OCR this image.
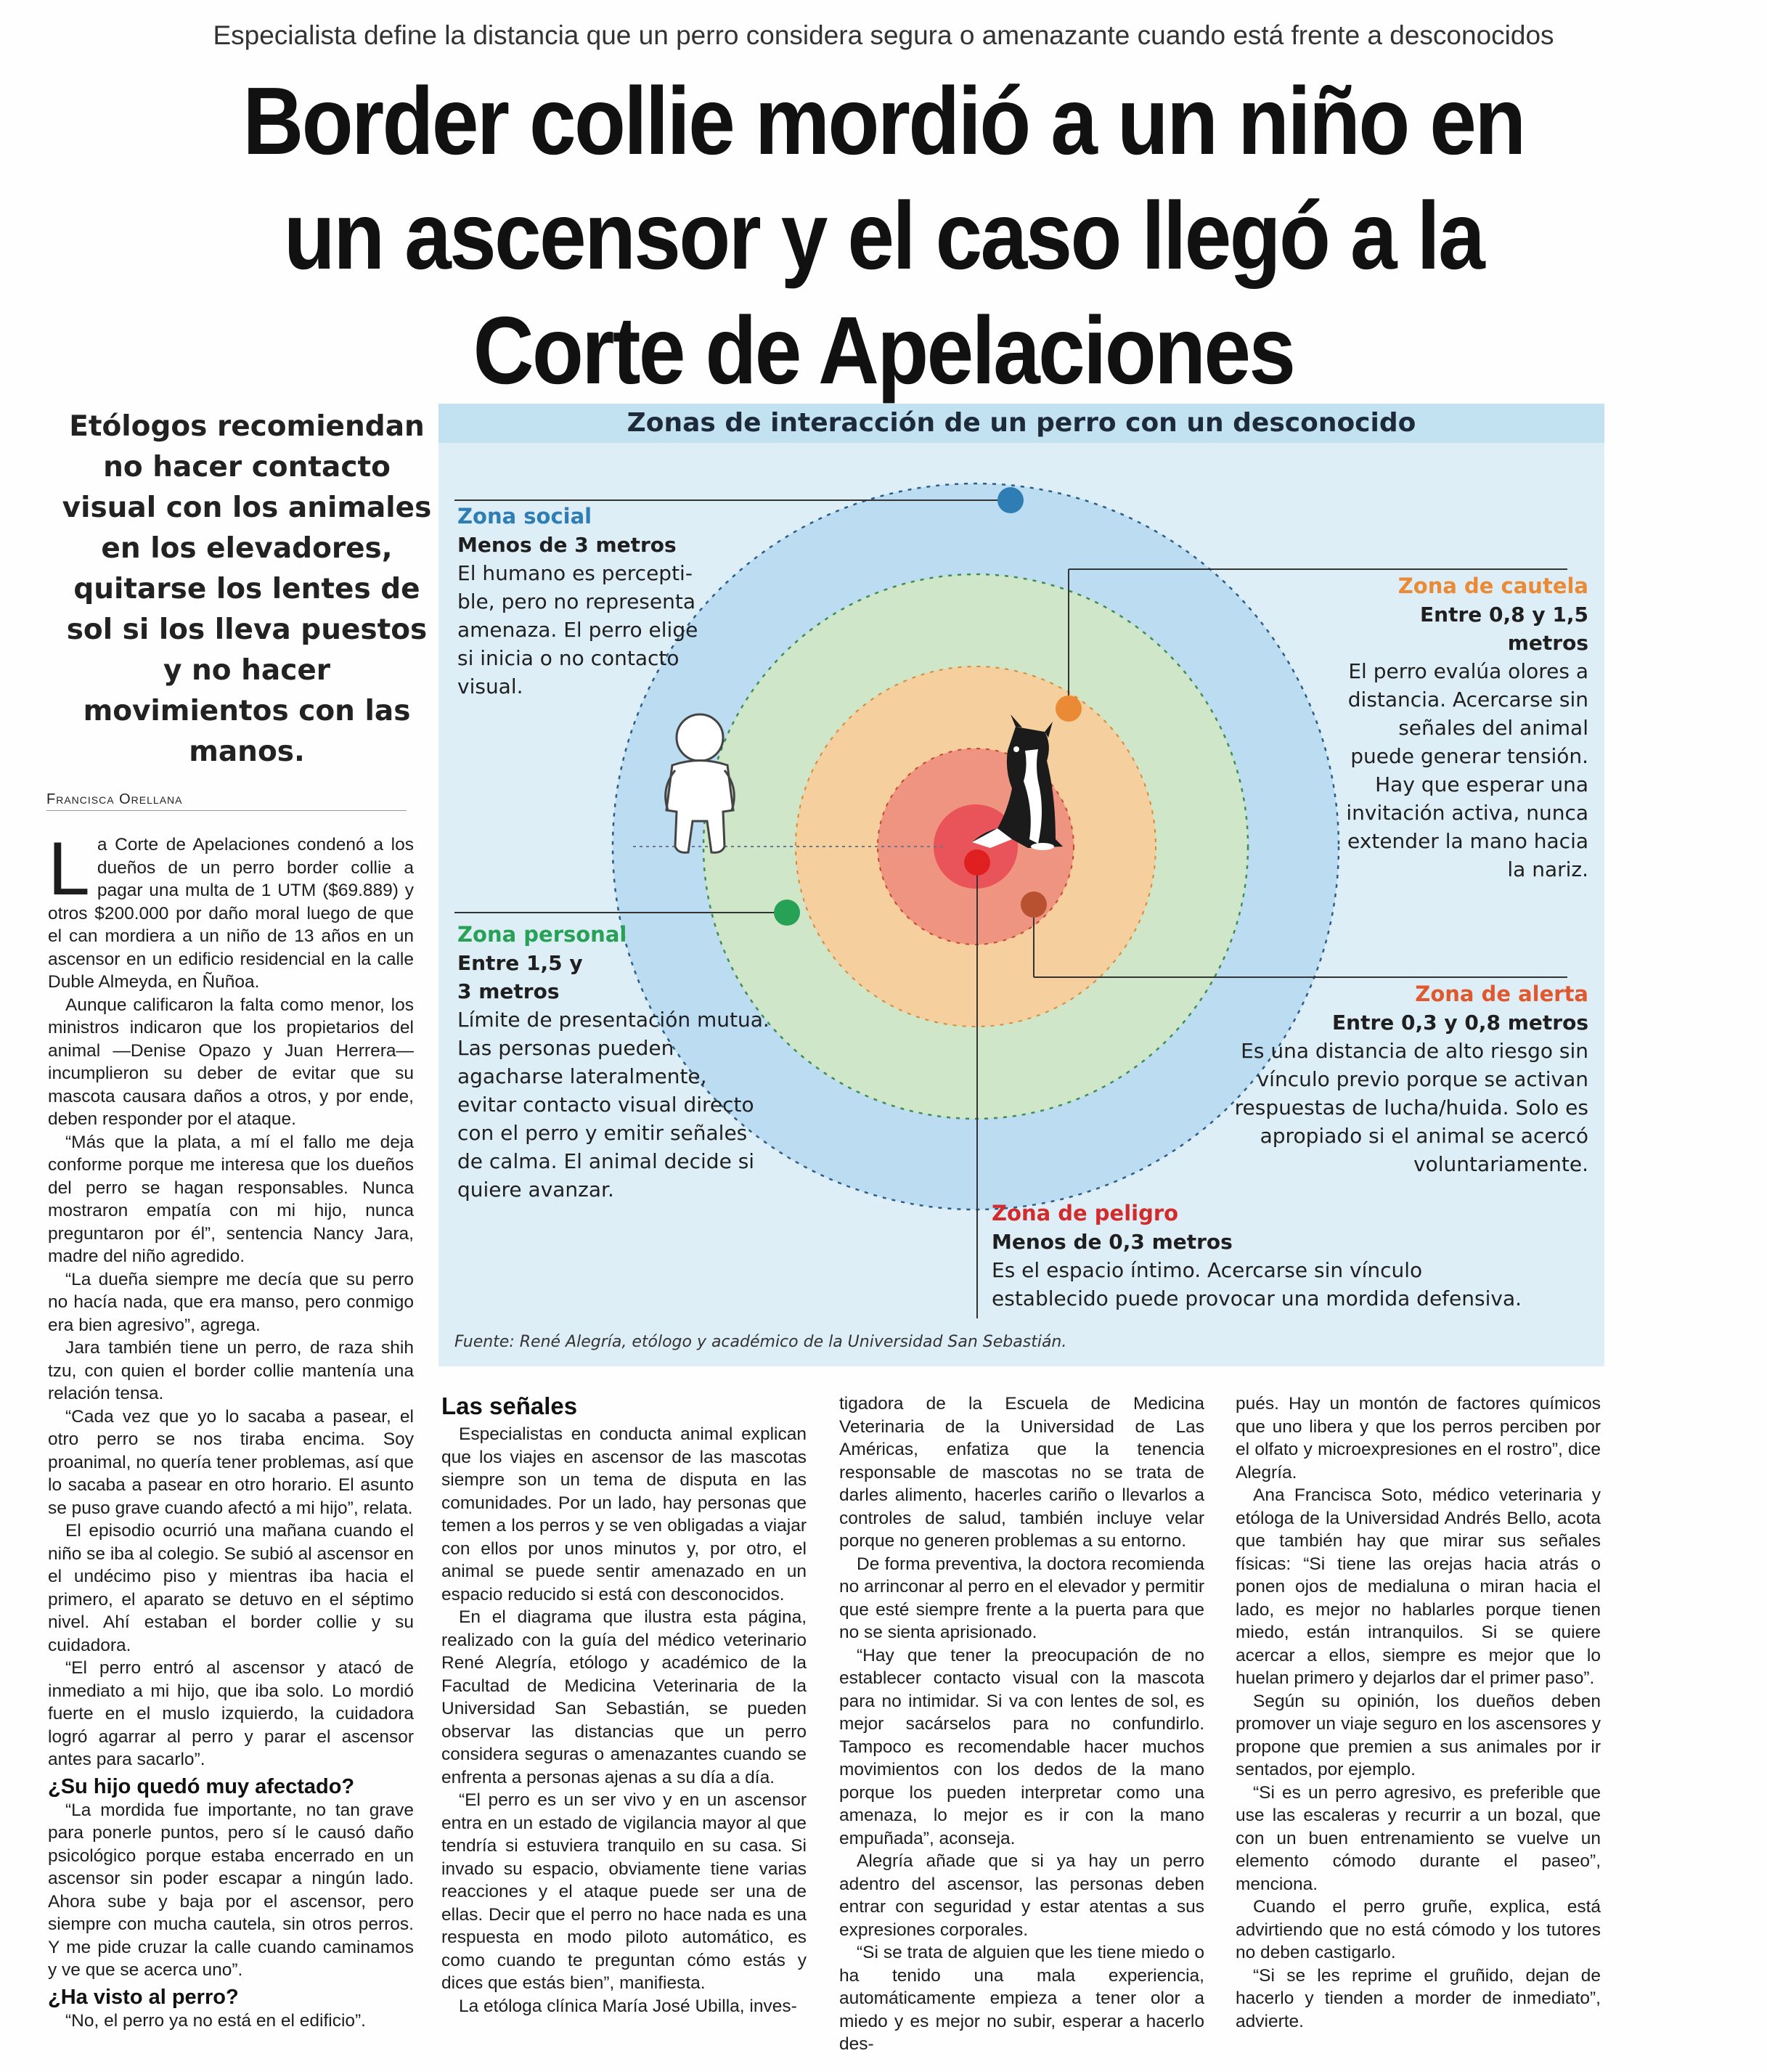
Especialista define la distancia que un perro considera segura o amenazante cuando está frente a desconocidos
Border collie mordió a un niño en
un ascensor y el caso llegó a la
Corte de Apelaciones
Etólogos recomiendan no hacer contacto visual con los animales en los elevadores, quitarse los lentes de sol si los lleva puestos y no hacer movimientos con las manos.
Francisca Orellana
Zonas de interacción de un perro con un desconocido
Zona social
Menos de 3 metros
El humano es percepti-ble, pero no representa amenaza. El perro elige si inicia o no contacto visual.
Zona de cautela
Entre 0,8 y 1,5 metros
El perro evalúa olores a distancia. Acercarse sin señales del animal puede generar tensión. Hay que esperar una invitación activa, nunca extender la mano hacia la nariz.
Zona personal
Entre 1,5 y 3 metros
Límite de presentación mutua. Las personas pueden agacharse lateralmente, evitar contacto visual directo con el perro y emitir señales de calma. El animal decide si quiere avanzar.
Zona de alerta
Entre 0,3 y 0,8 metros
Es una distancia de alto riesgo sin vínculo previo porque se activan respuestas de lucha/huida. Solo es apropiado si el animal se acercó voluntariamente.
Zona de peligro
Menos de 0,3 metros
Es el espacio íntimo. Acercarse sin vínculo establecido puede provocar una mordida defensiva.
Fuente: René Alegría, etólogo y académico de la Universidad San Sebastián.

La Corte de Apelaciones condenó a los dueños de un perro border collie a pagar una multa de 1 UTM ($69.889) y otros $200.000 por daño moral luego de que el can mordiera a un niño de 13 años en un ascensor en un edificio residencial en la calle Duble Almeyda, en Ñuñoa.

Aunque calificaron la falta como menor, los ministros indicaron que los propietarios del animal —Denise Opazo y Juan Herrera— incumplieron su deber de evitar que su mascota causara daños a otros, y por ende, deben responder por el ataque.

“Más que la plata, a mí el fallo me deja conforme porque me interesa que los dueños del perro se hagan responsables. Nunca mostraron empatía con mi hijo, nunca preguntaron por él”, sentencia Nancy Jara, madre del niño agredido.

“La dueña siempre me decía que su perro no hacía nada, que era manso, pero conmigo era bien agresivo”, agrega.

Jara también tiene un perro, de raza shih tzu, con quien el border collie mantenía una relación tensa.

“Cada vez que yo lo sacaba a pasear, el otro perro se nos tiraba encima. Soy proanimal, no quería tener problemas, así que lo sacaba a pasear en otro horario. El asunto se puso grave cuando afectó a mi hijo”, relata.

El episodio ocurrió una mañana cuando el niño se iba al colegio. Se subió al ascensor en el undécimo piso y mientras iba hacia el primero, el aparato se detuvo en el séptimo nivel. Ahí estaban el border collie y su cuidadora.

“El perro entró al ascensor y atacó de inmediato a mi hijo, que iba solo. Lo mordió fuerte en el muslo izquierdo, la cuidadora logró agarrar al perro y parar el ascensor antes para sacarlo”.

¿Su hijo quedó muy afectado?

“La mordida fue importante, no tan grave para ponerle puntos, pero sí le causó daño psicológico porque estaba encerrado en un ascensor sin poder escapar a ningún lado. Ahora sube y baja por el ascensor, pero siempre con mucha cautela, sin otros perros. Y me pide cruzar la calle cuando caminamos y ve que se acerca uno”.

¿Ha visto al perro?

“No, el perro ya no está en el edificio”.

Las señales

Especialistas en conducta animal explican que los viajes en ascensor de las mascotas siempre son un tema de disputa en las comunidades. Por un lado, hay personas que temen a los perros y se ven obligadas a viajar con ellos por unos minutos y, por otro, el animal se puede sentir amenazado en un espacio reducido si está con desconocidos.

En el diagrama que ilustra esta página, realizado con la guía del médico veterinario René Alegría, etólogo y académico de la Facultad de Medicina Veterinaria de la Universidad San Sebastián, se pueden observar las distancias que un perro considera seguras o amenazantes cuando se enfrenta a personas ajenas a su día a día.

“El perro es un ser vivo y en un ascensor entra en un estado de vigilancia mayor al que tendría si estuviera tranquilo en su casa. Si invado su espacio, obviamente tiene varias reacciones y el ataque puede ser una de ellas. Decir que el perro no hace nada es una respuesta en modo piloto automático, es como cuando te preguntan cómo estás y dices que estás bien”, manifiesta.

La etóloga clínica María José Ubilla, inves-

tigadora de la Escuela de Medicina Veterinaria de la Universidad de Las Américas, enfatiza que la tenencia responsable de mascotas no se trata de darles alimento, hacerles cariño o llevarlos a controles de salud, también incluye velar porque no generen problemas a su entorno.

De forma preventiva, la doctora recomienda no arrinconar al perro en el elevador y permitir que esté siempre frente a la puerta para que no se sienta aprisionado.

“Hay que tener la preocupación de no establecer contacto visual con la mascota para no intimidar. Si va con lentes de sol, es mejor sacárselos para no confundirlo. Tampoco es recomendable hacer muchos movimientos con los dedos de la mano porque los pueden interpretar como una amenaza, lo mejor es ir con la mano empuñada”, aconseja.

Alegría añade que si ya hay un perro adentro del ascensor, las personas deben entrar con seguridad y estar atentas a sus expresiones corporales.

“Si se trata de alguien que les tiene miedo o ha tenido una mala experiencia, automáticamente empieza a tener olor a miedo y es mejor no subir, esperar a hacerlo des-

pués. Hay un montón de factores químicos que uno libera y que los perros perciben por el olfato y microexpresiones en el rostro”, dice Alegría.

Ana Francisca Soto, médico veterinaria y etóloga de la Universidad Andrés Bello, acota que también hay que mirar sus señales físicas: “Si tiene las orejas hacia atrás o ponen ojos de medialuna o miran hacia el lado, es mejor no hablarles porque tienen miedo, están intranquilos. Si se quiere acercar a ellos, siempre es mejor que lo huelan primero y dejarlos dar el primer paso”.

Según su opinión, los dueños deben promover un viaje seguro en los ascensores y propone que premien a sus animales por ir sentados, por ejemplo.

“Si es un perro agresivo, es preferible que use las escaleras y recurrir a un bozal, que con un buen entrenamiento se vuelve un elemento cómodo durante el paseo”, menciona.

Cuando el perro gruñe, explica, está advirtiendo que no está cómodo y los tutores no deben castigarlo.

“Si se les reprime el gruñido, dejan de hacerlo y tienden a morder de inmediato”, advierte.
